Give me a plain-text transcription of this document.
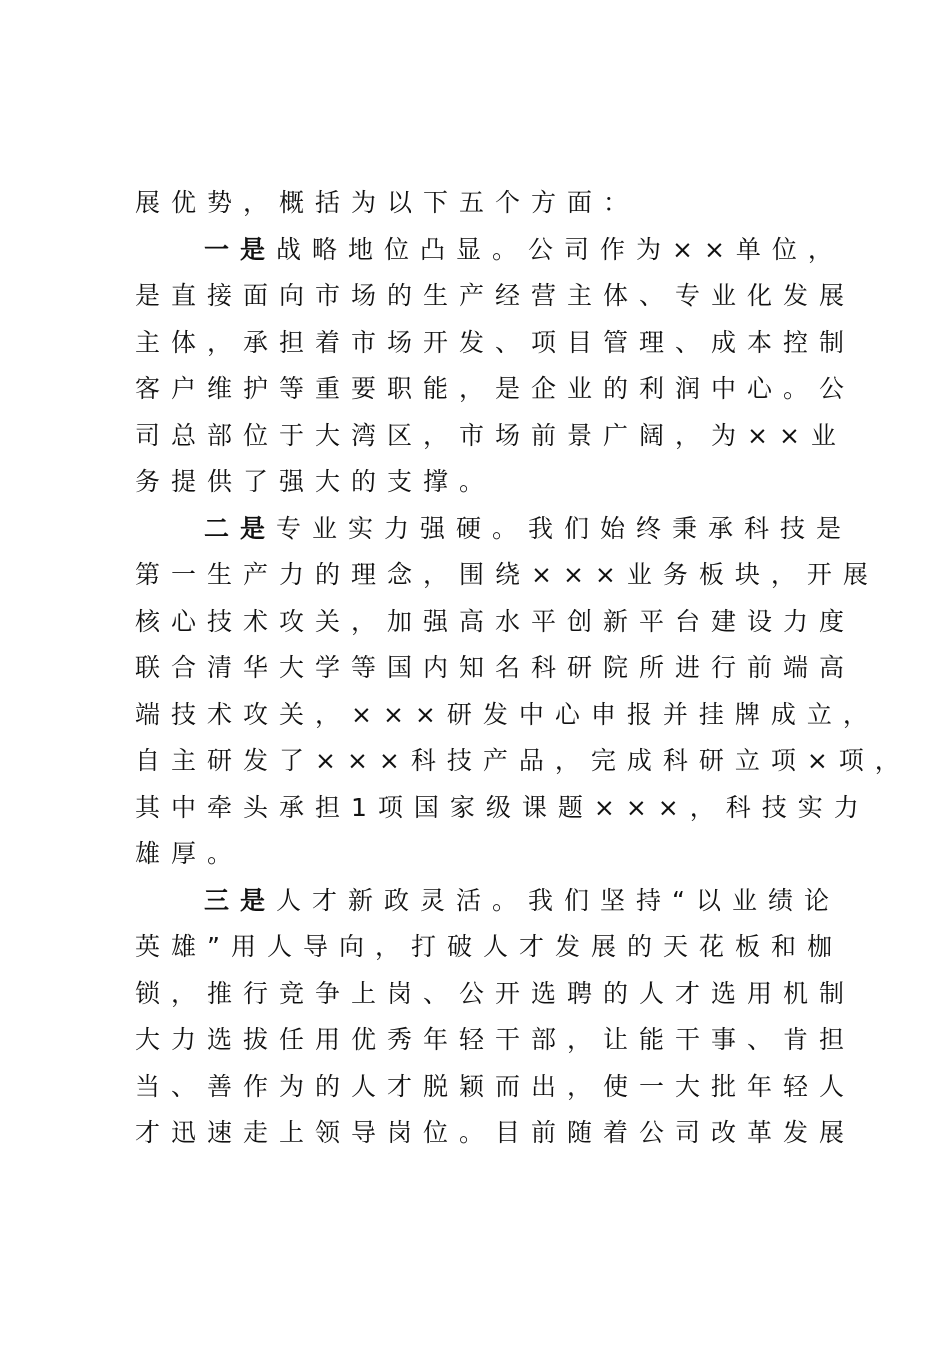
展优势，概括为以下五个方面：
一是战略地位凸显。公司作为××单位，
是直接面向市场的生产经营主体、专业化发展
主体，承担着市场开发、项目管理、成本控制
客户维护等重要职能，是企业的利润中心。公
司总部位于大湾区，市场前景广阔，为××业
务提供了强大的支撑。
二是专业实力强硬。我们始终秉承科技是
第一生产力的理念，围绕×××业务板块，开展
核心技术攻关，加强高水平创新平台建设力度
联合清华大学等国内知名科研院所进行前端高
端技术攻关，×××研发中心申报并挂牌成立，
自主研发了×××科技产品，完成科研立项×项，
其中牵头承担1项国家级课题×××，科技实力
雄厚。
三是人才新政灵活。我们坚持“以业绩论
英雄”用人导向，打破人才发展的天花板和枷
锁，推行竞争上岗、公开选聘的人才选用机制
大力选拔任用优秀年轻干部，让能干事、肯担
当、善作为的人才脱颖而出，使一大批年轻人
才迅速走上领导岗位。目前随着公司改革发展
